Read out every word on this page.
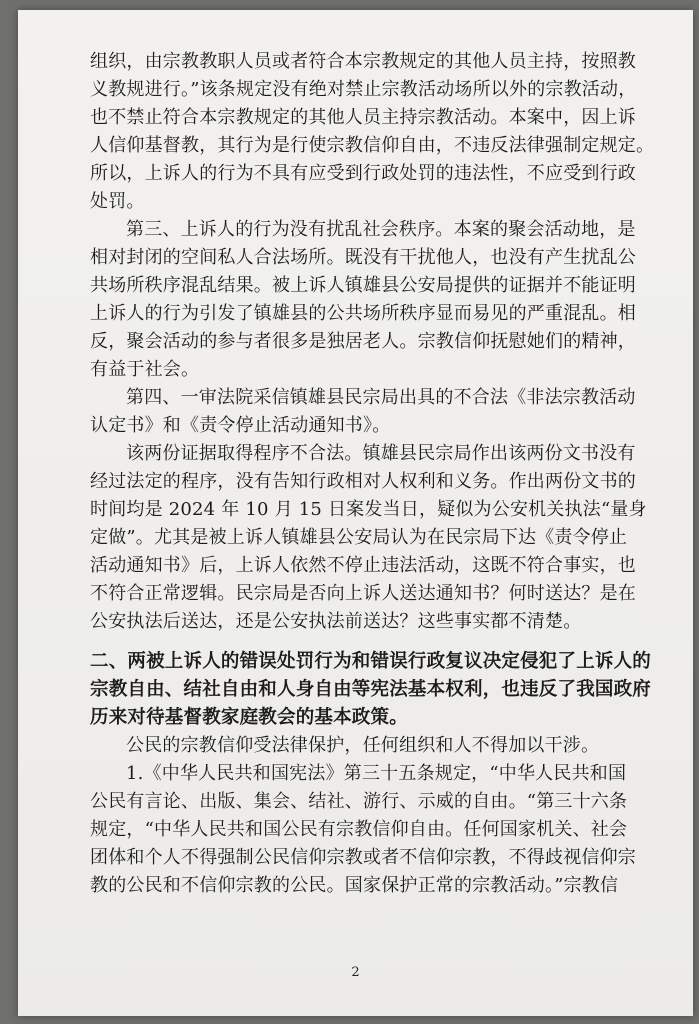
组织，由宗教教职人员或者符合本宗教规定的其他人员主持，按照教
义教规进行。”该条规定没有绝对禁止宗教活动场所以外的宗教活动，
也不禁止符合本宗教规定的其他人员主持宗教活动。本案中，因上诉
人信仰基督教，其行为是行使宗教信仰自由，不违反法律强制定规定。
所以，上诉人的行为不具有应受到行政处罚的违法性，不应受到行政
处罚。
第三、上诉人的行为没有扰乱社会秩序。本案的聚会活动地，是
相对封闭的空间私人合法场所。既没有干扰他人，也没有产生扰乱公
共场所秩序混乱结果。被上诉人镇雄县公安局提供的证据并不能证明
上诉人的行为引发了镇雄县的公共场所秩序显而易见的严重混乱。相
反，聚会活动的参与者很多是独居老人。宗教信仰抚慰她们的精神，
有益于社会。
第四、一审法院采信镇雄县民宗局出具的不合法《非法宗教活动
认定书》和《责令停止活动通知书》。
该两份证据取得程序不合法。镇雄县民宗局作出该两份文书没有
经过法定的程序，没有告知行政相对人权利和义务。作出两份文书的
时间均是 2024 年 10 月 15 日案发当日，疑似为公安机关执法“量身
定做”。尤其是被上诉人镇雄县公安局认为在民宗局下达《责令停止
活动通知书》后，上诉人依然不停止违法活动，这既不符合事实，也
不符合正常逻辑。民宗局是否向上诉人送达通知书？何时送达？是在
公安执法后送达，还是公安执法前送达？这些事实都不清楚。
二、两被上诉人的错误处罚行为和错误行政复议决定侵犯了上诉人的
宗教自由、结社自由和人身自由等宪法基本权利，也违反了我国政府
历来对待基督教家庭教会的基本政策。
公民的宗教信仰受法律保护，任何组织和人不得加以干涉。
1.《中华人民共和国宪法》第三十五条规定，“中华人民共和国
公民有言论、出版、集会、结社、游行、示威的自由。“第三十六条
规定，“中华人民共和国公民有宗教信仰自由。任何国家机关、社会
团体和个人不得强制公民信仰宗教或者不信仰宗教，不得歧视信仰宗
教的公民和不信仰宗教的公民。国家保护正常的宗教活动。”宗教信
2
